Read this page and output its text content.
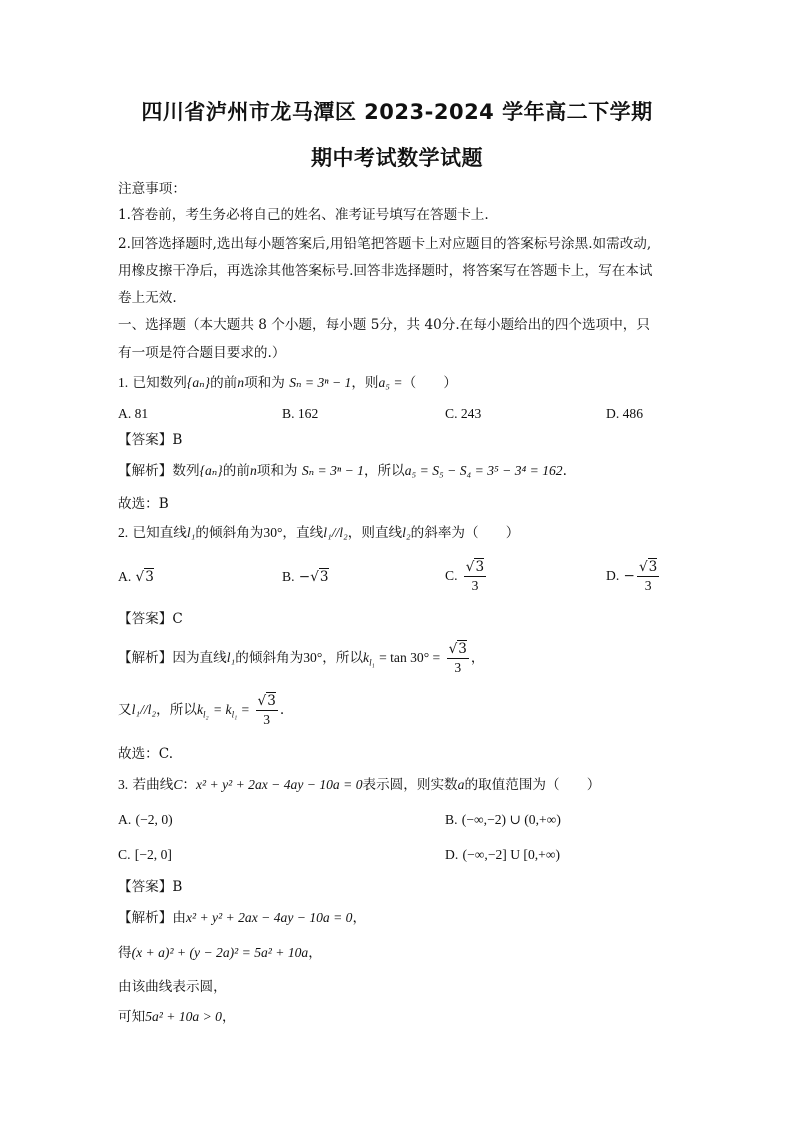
四川省泸州市龙马潭区 2023-2024 学年高二下学期
期中考试数学试题
注意事项：
1.答卷前，考生务必将自己的姓名、准考证号填写在答题卡上.
2.回答选择题时,选出每小题答案后,用铅笔把答题卡上对应题目的答案标号涂黑.如需改动,
用橡皮擦干净后，再选涂其他答案标号.回答非选择题时，将答案写在答题卡上，写在本试
卷上无效.
一、选择题（本大题共 8 个小题，每小题 5分，共 40分.在每小题给出的四个选项中，只
有一项是符合题目要求的.）
1. 已知数列{aₙ}的前n项和为 Sₙ = 3ⁿ − 1，则a₅ =（　　）
A. 81	B. 162	C. 243	D. 486
【答案】B
【解析】数列{aₙ}的前n项和为 Sₙ = 3ⁿ − 1，所以a₅ = S₅ − S₄ = 3⁵ − 3⁴ = 162.
故选：B
2. 已知直线l₁的倾斜角为30°，直线l₁//l₂，则直线l₂的斜率为（　　）
A. √3	B. −√3	C. $\frac{√3}{3}$	D. − $\frac{√3}{3}$
【答案】C
【解析】因为直线l₁的倾斜角为30°，所以$k_{l_1} = \tan 30^\circ = \frac{√3}{3}$ ，
又l₁//l₂，所以$k_{l_2} = k_{l_1} = \frac{√3}{3}$ .
故选：C.
3. 若曲线C：x² + y² + 2ax − 4ay − 10a = 0表示圆，则实数a的取值范围为（　　）
A. (−2, 0)	B. (−∞,−2) ∪ (0,+∞)
C. [−2, 0]	D. (−∞,−2] U [0,+∞)
【答案】B
【解析】由x² + y² + 2ax − 4ay − 10a = 0，
得(x + a)² + (y − 2a)² = 5a² + 10a，
由该曲线表示圆，
可知5a² + 10a > 0，
